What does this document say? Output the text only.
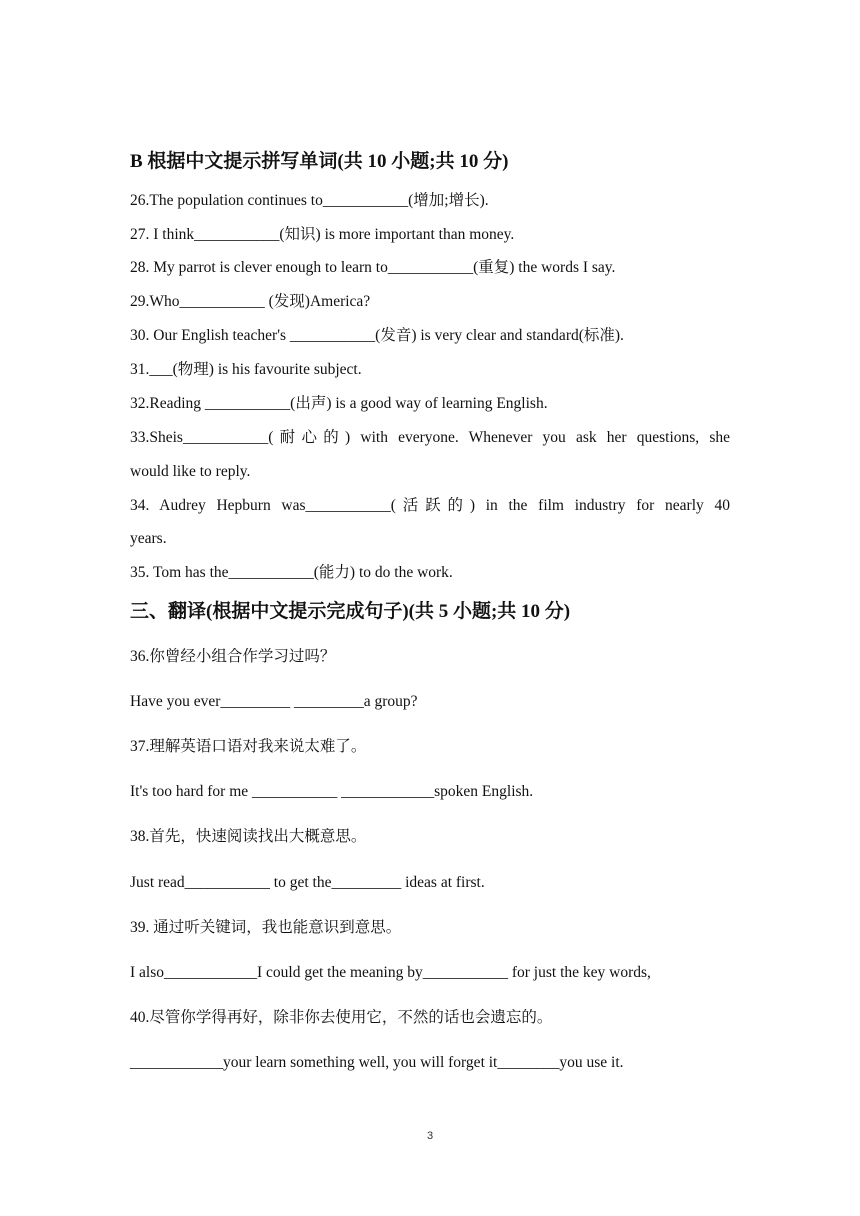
B 根据中文提示拼写单词(共 10 小题;共 10 分)
26.The population continues to___________(增加;增长).
27. I think___________(知识) is more important than money.
28. My parrot is clever enough to learn to___________(重复) the words I say.
29.Who___________ (发现)America?
30. Our English teacher's ___________(发音) is very clear and standard(标准).
31.___(物理) is his favourite subject.
32.Reading ___________(出声) is a good way of learning English.
33.Sheis___________(耐心的) with everyone. Whenever you ask her questions, she
would like to reply.
34. Audrey Hepburn was___________(活跃的) in the film industry for nearly 40
years.
35. Tom has the___________(能力) to do the work.
三、翻译(根据中文提示完成句子)(共 5 小题;共 10 分)
36.你曾经小组合作学习过吗？
Have you ever_________ _________a group?
37.理解英语口语对我来说太难了。
It's too hard for me ___________ ____________spoken English.
38.首先，快速阅读找出大概意思。
Just read___________ to get the_________ ideas at first.
39. 通过听关键词，我也能意识到意思。
I also____________I could get the meaning by___________ for just the key words,
40.尽管你学得再好，除非你去使用它，不然的话也会遗忘的。
____________your learn something well, you will forget it________you use it.
3
